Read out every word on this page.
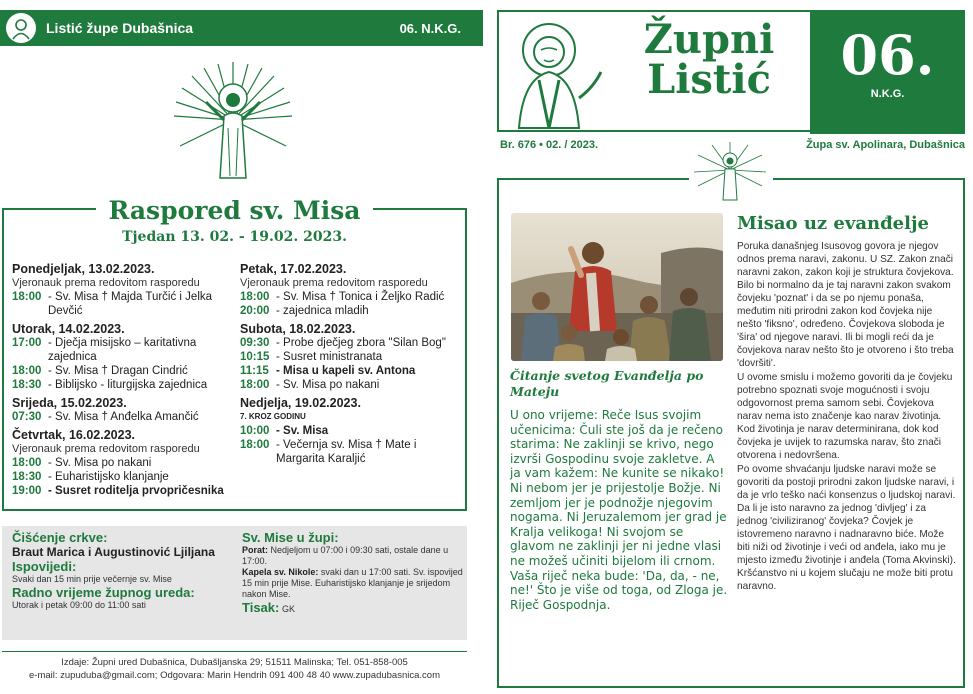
Listić župe Dubašnica	06. N.K.G.
Raspored sv. Misa
Tjedan 13. 02. - 19.02. 2023.
Ponedjeljak, 13.02.2023.
Vjeronauk prema redovitom rasporedu
18:00 - Sv. Misa † Majda Turčić i Jelka Devčić
Utorak, 14.02.2023.
17:00 - Dječja misijsko – karitativna zajednica
18:00 - Sv. Misa † Dragan Cindrić
18:30 - Biblijsko - liturgijska zajednica
Srijeda, 15.02.2023.
07:30 - Sv. Misa † Anđelka Amančić
Četvrtak, 16.02.2023.
Vjeronauk prema redovitom rasporedu
18:00 - Sv. Misa po nakani
18:30 - Euharistijsko klanjanje
19:00 - Susret roditelja prvopričesnika
Petak, 17.02.2023.
Vjeronauk prema redovitom rasporedu
18:00 - Sv. Misa † Tonica i Željko Radić
20:00 - zajednica mladih
Subota, 18.02.2023.
09:30 - Probe dječjeg zbora "Silan Bog"
10:15 - Susret ministranata
11:15 - Misa u kapeli sv. Antona
18:00 - Sv. Misa po nakani
Nedjelja, 19.02.2023.
7. KROZ GODINU
10:00 - Sv. Misa
18:00 - Večernja sv. Misa † Mate i Margarita Karaljić
Čišćenje crkve:
Braut Marica i Augustinović Ljiljana
Ispovijedi:
Svaki dan 15 min prije večernje sv. Mise
Radno vrijeme župnog ureda:
Utorak i petak 09:00 do 11:00 sati
Sv. Mise u župi:
Porat: Nedjeljom u 07:00 i 09:30 sati, ostale dane u 17:00.
Kapela sv. Nikole: svaki dan u 17:00 sati. Sv. ispovijed 15 min prije Mise. Euharistijsko klanjanje je srijedom nakon Mise.
Tisak: GK
Izdaje: Župni ured Dubašnica, Dubašljanska 29; 51511 Malinska; Tel. 051-858-005
e-mail: zupuduba@gmail.com; Odgovara: Marin Hendrih 091 400 48 40 www.zupadubasnica.com
Župni
Listić	06.
N.K.G.
Br. 676 • 02. / 2023.	Župa sv. Apolinara, Dubašnica
Čitanje svetog Evanđelja po Mateju
U ono vrijeme: Reče Isus svojim učenicima: Čuli ste još da je rečeno starima: Ne zaklinji se krivo, nego izvrši Gospodinu svoje zakletve. A ja vam kažem: Ne kunite se nikako! Ni nebom jer je prijestolje Božje. Ni zemljom jer je podnožje njegovim nogama. Ni Jeruzalemom jer grad je Kralja velikoga! Ni svojom se glavom ne zaklinji jer ni jedne vlasi ne možeš učiniti bijelom ili crnom. Vaša riječ neka bude: 'Da, da, - ne, ne!' Što je više od toga, od Zloga je. Riječ Gospodnja.
Misao uz evanđelje

Poruka današnjeg Isusovog govora je njegov odnos prema naravi, zakonu. U SZ. Zakon znači naravni zakon, zakon koji je struktura čovjekova. Bilo bi normalno da je taj naravni zakon svakom čovjeku 'poznat' i da se po njemu ponaša, međutim niti prirodni zakon kod čovjeka nije nešto 'fiksno', određeno. Čovjekova sloboda je 'šira' od njegove naravi. Ili bi mogli reći da je čovjekova narav nešto što je otvoreno i što treba 'dovršiti'.

U ovome smislu i možemo govoriti da je čovjeku potrebno spoznati svoje mogućnosti i svoju odgovornost prema samom sebi. Čovjekova narav nema isto značenje kao narav životinja. Kod životinja je narav determinirana, dok kod čovjeka je uvijek to razumska narav, što znači otvorena i nedovršena.

Po ovome shvaćanju ljudske naravi može se govoriti da postoji prirodni zakon ljudske naravi, i da je vrlo teško naći konsenzus o ljudskoj naravi. Da li je isto naravno za jednog 'divljeg' i za jednog 'civiliziranog' čovjeka? Čovjek je istovremeno naravno i nadnaravno biće. Može biti niži od životinje i veći od anđela, iako mu je mjesto između životinje i anđela (Toma Akvinski). Kršćanstvo ni u kojem slučaju ne može biti protu naravno.
